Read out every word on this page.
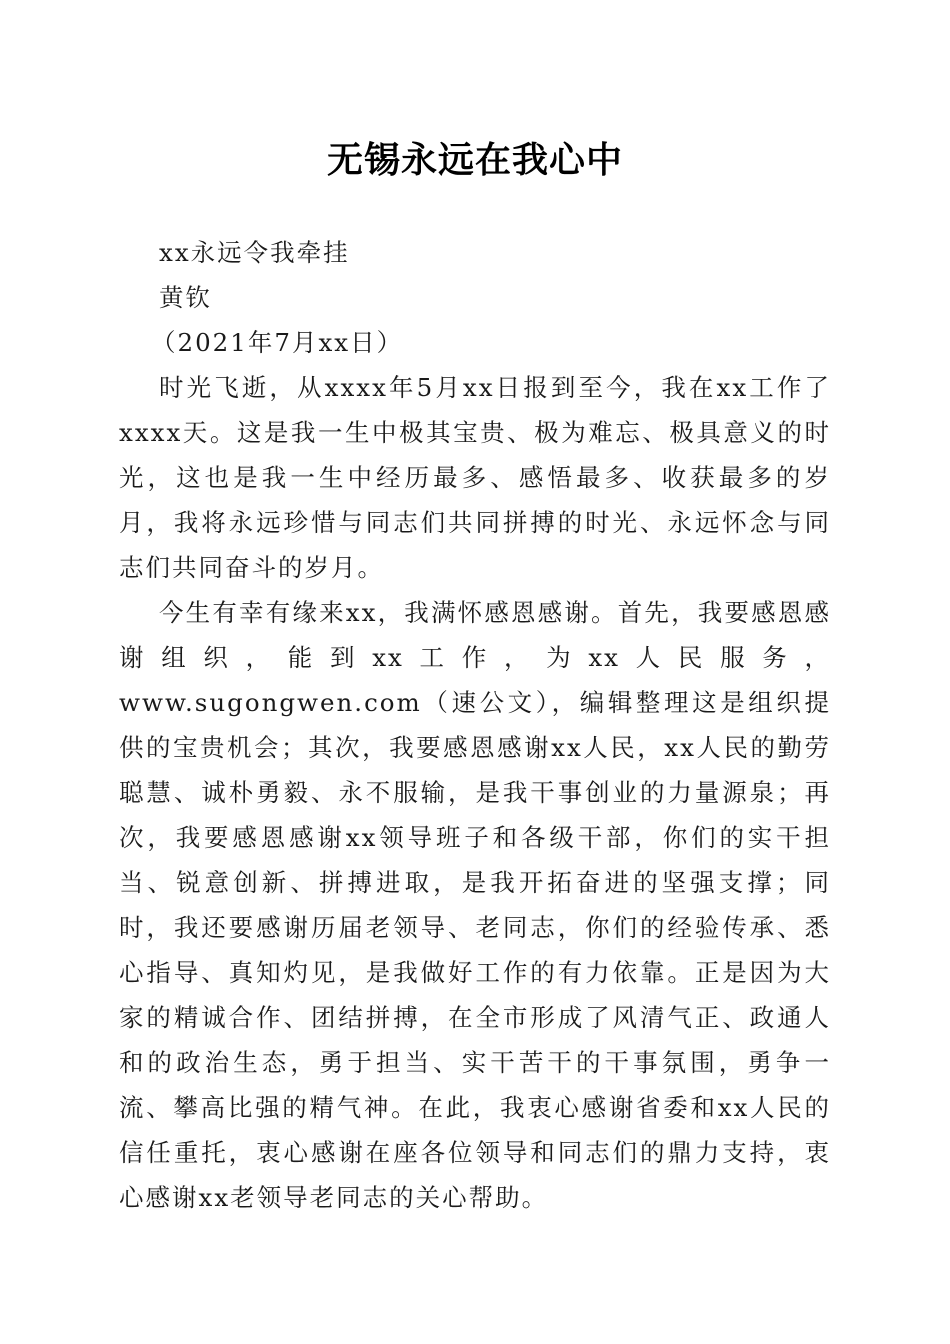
无锡永远在我心中

xx永远令我牵挂

黄钦

（2021年7月xx日）

时光飞逝，从xxxx年5月xx日报到至今，我在xx工作了xxxx天。这是我一生中极其宝贵、极为难忘、极具意义的时光，这也是我一生中经历最多、感悟最多、收获最多的岁月，我将永远珍惜与同志们共同拼搏的时光、永远怀念与同志们共同奋斗的岁月。

今生有幸有缘来xx，我满怀感恩感谢。首先，我要感恩感谢组织，能到xx工作，为xx人民服务，www.sugongwen.com（速公文），编辑整理这是组织提供的宝贵机会；其次，我要感恩感谢xx人民，xx人民的勤劳聪慧、诚朴勇毅、永不服输，是我干事创业的力量源泉；再次，我要感恩感谢xx领导班子和各级干部，你们的实干担当、锐意创新、拼搏进取，是我开拓奋进的坚强支撑；同时，我还要感谢历届老领导、老同志，你们的经验传承、悉心指导、真知灼见，是我做好工作的有力依靠。正是因为大家的精诚合作、团结拼搏，在全市形成了风清气正、政通人和的政治生态，勇于担当、实干苦干的干事氛围，勇争一流、攀高比强的精气神。在此，我衷心感谢省委和xx人民的信任重托，衷心感谢在座各位领导和同志们的鼎力支持，衷心感谢xx老领导老同志的关心帮助。
